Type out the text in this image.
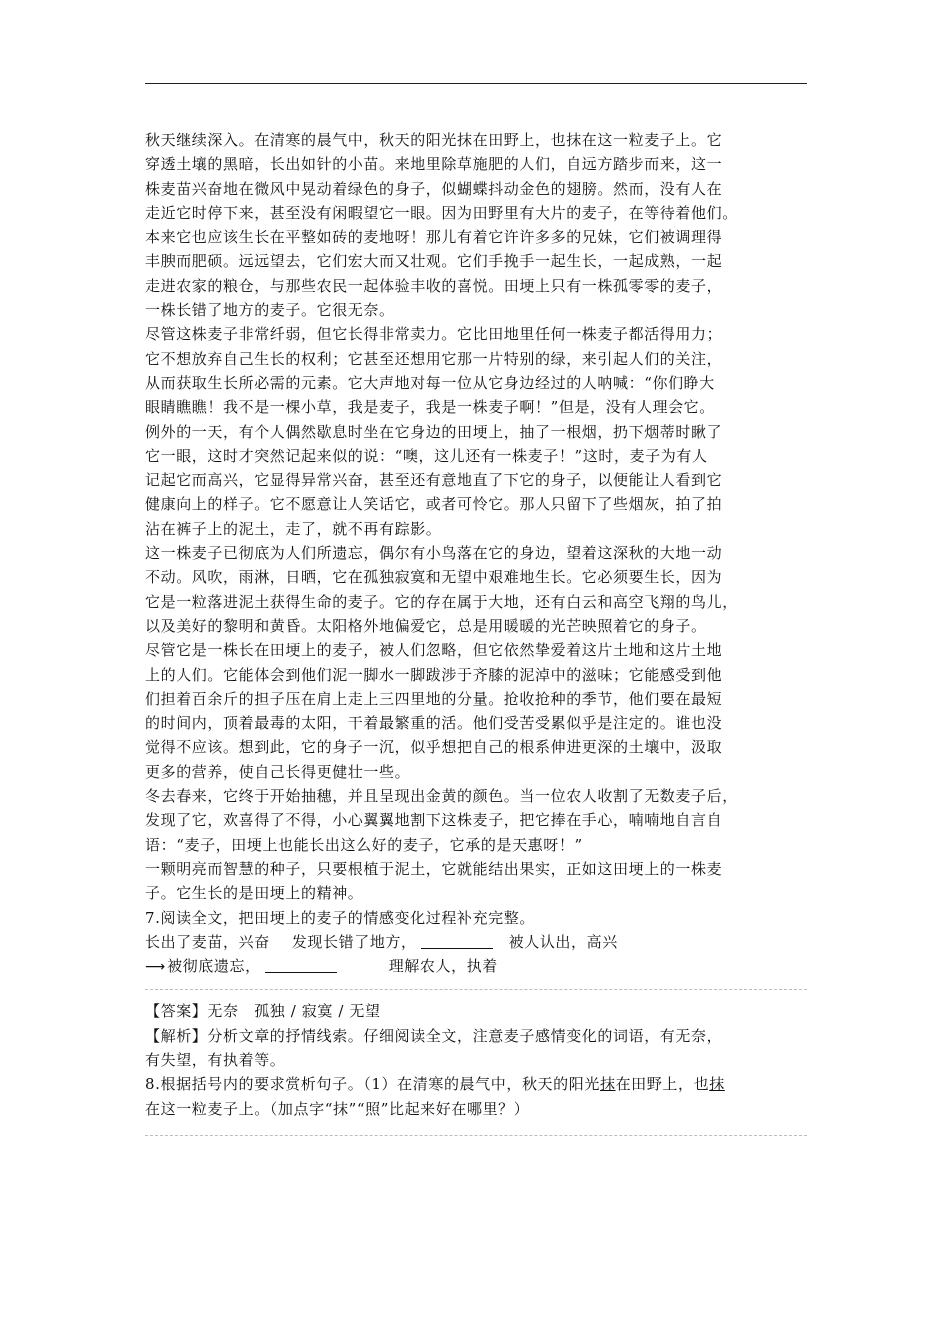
秋天继续深入。在清寒的晨气中，秋天的阳光抹在田野上，也抹在这一粒麦子上。它
穿透土壤的黑暗，长出如针的小苗。来地里除草施肥的人们，自远方踏步而来，这一
株麦苗兴奋地在微风中晃动着绿色的身子，似蝴蝶抖动金色的翅膀。然而，没有人在
走近它时停下来，甚至没有闲暇望它一眼。因为田野里有大片的麦子，在等待着他们。
本来它也应该生长在平整如砖的麦地呀！那儿有着它许许多多的兄妹，它们被调理得
丰腴而肥硕。远远望去，它们宏大而又壮观。它们手挽手一起生长，一起成熟，一起
走进农家的粮仓，与那些农民一起体验丰收的喜悦。田埂上只有一株孤零零的麦子，
一株长错了地方的麦子。它很无奈。
尽管这株麦子非常纤弱，但它长得非常卖力。它比田地里任何一株麦子都活得用力；
它不想放弃自己生长的权利；它甚至还想用它那一片特别的绿，来引起人们的关注，
从而获取生长所必需的元素。它大声地对每一位从它身边经过的人呐喊：“你们睁大
眼睛瞧瞧！我不是一棵小草，我是麦子，我是一株麦子啊！”但是，没有人理会它。
例外的一天，有个人偶然歇息时坐在它身边的田埂上，抽了一根烟，扔下烟蒂时瞅了
它一眼，这时才突然记起来似的说：“噢，这儿还有一株麦子！”这时，麦子为有人
记起它而高兴，它显得异常兴奋，甚至还有意地直了下它的身子，以便能让人看到它
健康向上的样子。它不愿意让人笑话它，或者可怜它。那人只留下了些烟灰，拍了拍
沾在裤子上的泥土，走了，就不再有踪影。
这一株麦子已彻底为人们所遗忘，偶尔有小鸟落在它的身边，望着这深秋的大地一动
不动。风吹，雨淋，日晒，它在孤独寂寞和无望中艰难地生长。它必须要生长，因为
它是一粒落进泥土获得生命的麦子。它的存在属于大地，还有白云和高空飞翔的鸟儿，
以及美好的黎明和黄昏。太阳格外地偏爱它，总是用暖暖的光芒映照着它的身子。
尽管它是一株长在田埂上的麦子，被人们忽略，但它依然挚爱着这片土地和这片土地
上的人们。它能体会到他们泥一脚水一脚跋涉于齐膝的泥淖中的滋味；它能感受到他
们担着百余斤的担子压在肩上走上三四里地的分量。抢收抢种的季节，他们要在最短
的时间内，顶着最毒的太阳，干着最繁重的活。他们受苦受累似乎是注定的。谁也没
觉得不应该。想到此，它的身子一沉，似乎想把自己的根系伸进更深的土壤中，汲取
更多的营养，使自己长得更健壮一些。
冬去春来，它终于开始抽穗，并且呈现出金黄的颜色。当一位农人收割了无数麦子后，
发现了它，欢喜得了不得，小心翼翼地割下这株麦子，把它捧在手心，喃喃地自言自
语：“麦子，田埂上也能长出这么好的麦子，它承的是天惠呀！”
一颗明亮而智慧的种子，只要根植于泥土，它就能结出果实，正如这田埂上的一株麦
子。它生长的是田埂上的精神。
7.阅读全文，把田埂上的麦子的情感变化过程补充完整。
长出了麦苗，兴奋 发现长错了地方，	被人认出，高兴
⟶ 被彻底遗忘，	理解农人，执着
【答案】无奈　孤独 / 寂寞 / 无望
【解析】分析文章的抒情线索。仔细阅读全文，注意麦子感情变化的词语，有无奈，
有失望，有执着等。
8.根据括号内的要求赏析句子。（1）在清寒的晨气中，秋天的阳光抹在田野上，也抹
在这一粒麦子上。（加点字“抹”“照”比起来好在哪里？）
